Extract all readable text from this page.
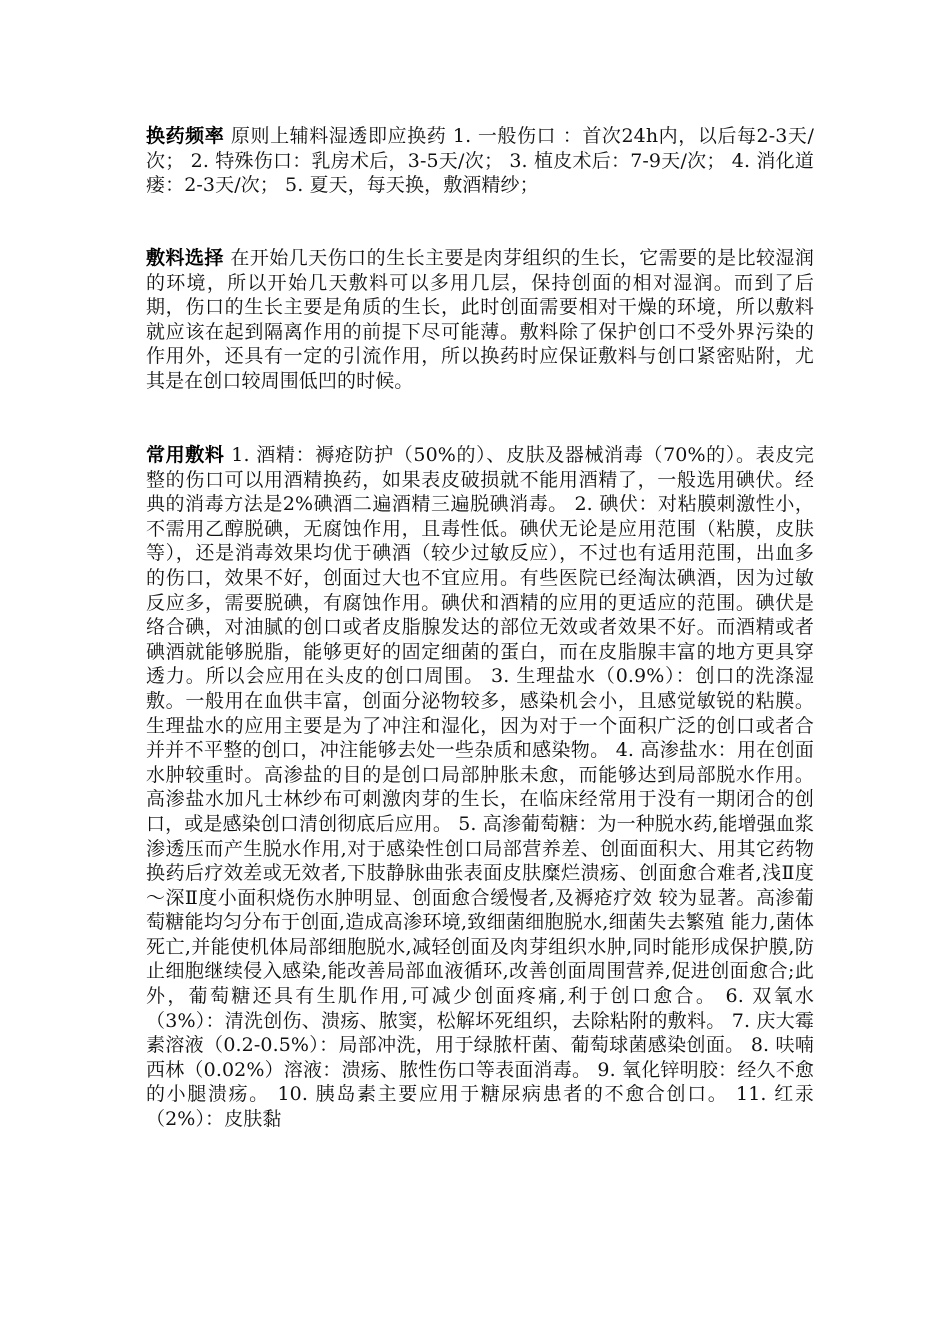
换药频率 原则上辅料湿透即应换药 1. 一般伤口 ：首次24h内，以后每2-3天/次； 2. 特殊伤口：乳房术后，3-5天/次； 3. 植皮术后：7-9天/次； 4. 消化道瘘：2-3天/次； 5. 夏天，每天换，敷酒精纱；
敷料选择 在开始几天伤口的生长主要是肉芽组织的生长，它需要的是比较湿润的环境，所以开始几天敷料可以多用几层，保持创面的相对湿润。而到了后期，伤口的生长主要是角质的生长，此时创面需要相对干燥的环境，所以敷料就应该在起到隔离作用的前提下尽可能薄。敷料除了保护创口不受外界污染的作用外，还具有一定的引流作用，所以换药时应保证敷料与创口紧密贴附，尤其是在创口较周围低凹的时候。
常用敷料 1. 酒精：褥疮防护（50%的）、皮肤及器械消毒（70%的）。表皮完整的伤口可以用酒精换药，如果表皮破损就不能用酒精了，一般选用碘伏。经典的消毒方法是2%碘酒二遍酒精三遍脱碘消毒。 2. 碘伏：对粘膜刺激性小，不需用乙醇脱碘，无腐蚀作用，且毒性低。碘伏无论是应用范围（粘膜，皮肤等），还是消毒效果均优于碘酒（较少过敏反应），不过也有适用范围，出血多的伤口，效果不好，创面过大也不宜应用。有些医院已经淘汰碘酒，因为过敏反应多，需要脱碘，有腐蚀作用。碘伏和酒精的应用的更适应的范围。碘伏是络合碘，对油腻的创口或者皮脂腺发达的部位无效或者效果不好。而酒精或者碘酒就能够脱脂，能够更好的固定细菌的蛋白，而在皮脂腺丰富的地方更具穿透力。所以会应用在头皮的创口周围。 3. 生理盐水（0.9%）：创口的洗涤湿敷。一般用在血供丰富，创面分泌物较多，感染机会小，且感觉敏锐的粘膜。生理盐水的应用主要是为了冲注和湿化，因为对于一个面积广泛的创口或者合并并不平整的创口，冲注能够去处一些杂质和感染物。 4. 高渗盐水：用在创面水肿较重时。高渗盐的目的是创口局部肿胀未愈，而能够达到局部脱水作用。高渗盐水加凡士林纱布可刺激肉芽的生长，在临床经常用于没有一期闭合的创口，或是感染创口清创彻底后应用。 5. 高渗葡萄糖：为一种脱水药,能增强血浆渗透压而产生脱水作用,对于感染性创口局部营养差、创面面积大、用其它药物换药后疗效差或无效者,下肢静脉曲张表面皮肤糜烂溃疡、创面愈合难者,浅Ⅱ度～深Ⅱ度小面积烧伤水肿明显、创面愈合缓慢者,及褥疮疗效 较为显著。高渗葡萄糖能均匀分布于创面,造成高渗环境,致细菌细胞脱水,细菌失去繁殖 能力,菌体死亡,并能使机体局部细胞脱水,减轻创面及肉芽组织水肿,同时能形成保护膜,防止细胞继续侵入感染,能改善局部血液循环,改善创面周围营养,促进创面愈合;此外，葡萄糖还具有生肌作用,可减少创面疼痛,利于创口愈合。 6. 双氧水（3%）：清洗创伤、溃疡、脓窦，松解坏死组织，去除粘附的敷料。 7. 庆大霉素溶液（0.2-0.5%）：局部冲洗，用于绿脓杆菌、葡萄球菌感染创面。 8. 呋喃西林（0.02%）溶液：溃疡、脓性伤口等表面消毒。 9. 氧化锌明胶：经久不愈的小腿溃疡。 10. 胰岛素主要应用于糖尿病患者的不愈合创口。 11. 红汞（2%）：皮肤黏
